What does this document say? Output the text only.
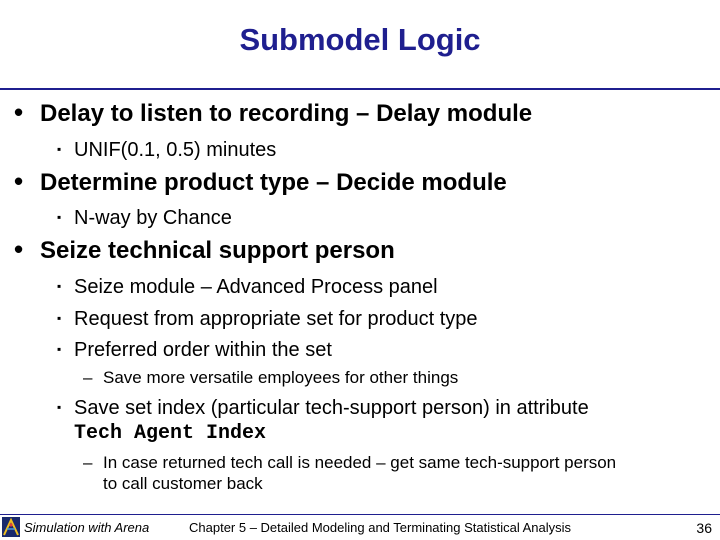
Submodel Logic
• Delay to listen to recording – Delay module
▪ UNIF(0.1, 0.5) minutes
• Determine product type – Decide module
▪ N-way by Chance
• Seize technical support person
▪ Seize module – Advanced Process panel
▪ Request from appropriate set for product type
▪ Preferred order within the set
– Save more versatile employees for other things
▪ Save set index (particular tech-support person) in attribute
Tech Agent Index
– In case returned tech call is needed – get same tech-support person
to call customer back
Simulation with Arena	Chapter 5 – Detailed Modeling and Terminating Statistical Analysis	36
